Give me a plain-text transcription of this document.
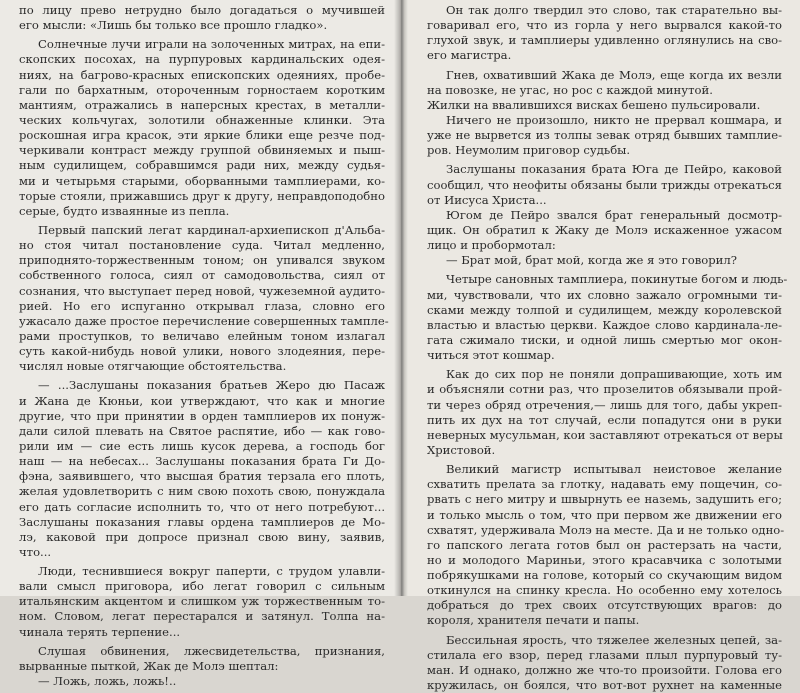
по лицу прево нетрудно было догадаться о мучившей
его мысли: «Лишь бы только все прошло гладко».
Солнечные лучи играли на золоченных митрах, на епи-
скопских посохах, на пурпуровых кардинальских одея-
ниях, на багрово-красных епископских одеяниях, пробе-
гали по бархатным, отороченным горностаем коротким
мантиям, отражались в наперсных крестах, в металли-
ческих кольчугах, золотили обнаженные клинки. Эта
роскошная игра красок, эти яркие блики еще резче под-
черкивали контраст между группой обвиняемых и пыш-
ным судилищем, собравшимся ради них, между судья-
ми и четырьмя старыми, оборванными тамплиерами, ко-
торые стояли, прижавшись друг к другу, неправдоподобно
серые, будто изваянные из пепла.
Первый папский легат кардинал-архиепископ д'Альба-
но стоя читал постановление суда. Читал медленно,
приподнято-торжественным тоном; он упивался звуком
собственного голоса, сиял от самодовольства, сиял от
сознания, что выступает перед новой, чужеземной аудито-
рией. Но его испуганно открывал глаза, словно его
ужасало даже простое перечисление совершенных тампле-
рами проступков, то величаво елейным тоном излагал
суть какой-нибудь новой улики, нового злодеяния, пере-
числял новые отягчающие обстоятельства.
— ...Заслушаны показания братьев Жеро дю Пасаж
и Жана де Кюньи, кои утверждают, что как и многие
другие, что при принятии в орден тамплиеров их понуж-
дали силой плевать на Святое распятие, ибо — как гово-
рили им — сие есть лишь кусок дерева, а господь бог
наш — на небесах... Заслушаны показания брата Ги До-
фэна, заявившего, что высшая братия терзала его плоть,
желая удовлетворить с ним свою похоть свою, понуждала
его дать согласие исполнить то, что от него потребуют...
Заслушаны показания главы ордена тамплиеров де Мо-
лэ, каковой при допросе признал свою вину, заявив,
что...
Люди, теснившиеся вокруг паперти, с трудом улавли-
вали смысл приговора, ибо легат говорил с сильным
итальянским акцентом и слишком уж торжественным то-
ном. Словом, легат перестарался и затянул. Толпа на-
чинала терять терпение...
Слушая обвинения, лжесвидетельства, признания,
вырванные пыткой, Жак де Молэ шептал:
— Ложь, ложь, ложь!..
Он так долго твердил это слово, так старательно вы-
говаривал его, что из горла у него вырвался какой-то
глухой звук, и тамплиеры удивленно оглянулись на сво-
его магистра.
Гнев, охвативший Жака де Молэ, еще когда их везли
на повозке, не угас, но рос с каждой минутой.
Жилки на ввалившихся висках бешено пульсировали.
Ничего не произошло, никто не прервал кошмара, и
уже не вырвется из толпы зевак отряд бывших тамплие-
ров. Неумолим приговор судьбы.
Заслушаны показания брата Юга де Пейро, каковой
сообщил, что неофиты обязаны были трижды отрекаться
от Иисуса Христа...
Югом де Пейро звался брат генеральный досмотр-
щик. Он обратил к Жаку де Молэ искаженное ужасом
лицо и пробормотал:
— Брат мой, брат мой, когда же я это говорил?
Четыре сановных тамплиера, покинутые богом и людь-
ми, чувствовали, что их словно зажало огромными ти-
сками между толпой и судилищем, между королевской
властью и властью церкви. Каждое слово кардинала-ле-
гата сжимало тиски, и одной лишь смертью мог окон-
читься этот кошмар.
Как до сих пор не поняли допрашивающие, хоть им
и объясняли сотни раз, что прозелитов обязывали прой-
ти через обряд отречения,— лишь для того, дабы укреп-
пить их дух на тот случай, если попадутся они в руки
неверных мусульман, кои заставляют отрекаться от веры
Христовой.
Великий магистр испытывал неистовое желание
схватить прелата за глотку, надавать ему пощечин, со-
рвать с него митру и швырнуть ее наземь, задушить его;
и только мысль о том, что при первом же движении его
схватят, удерживала Молэ на месте. Да и не только одно-
го папского легата готов был он растерзать на части,
но и молодого Мариньи, этого красавчика с золотыми
побрякушками на голове, который со скучающим видом
откинулся на спинку кресла. Но особенно ему хотелось
добраться до трех своих отсутствующих врагов: до
короля, хранителя печати и папы.
Бессильная ярость, что тяжелее железных цепей, за-
стилала его взор, перед глазами плыл пурпуровый ту-
ман. И однако, должно же что-то произойти. Голова его
кружилась, он боялся, что вот-вот рухнет на каменные
